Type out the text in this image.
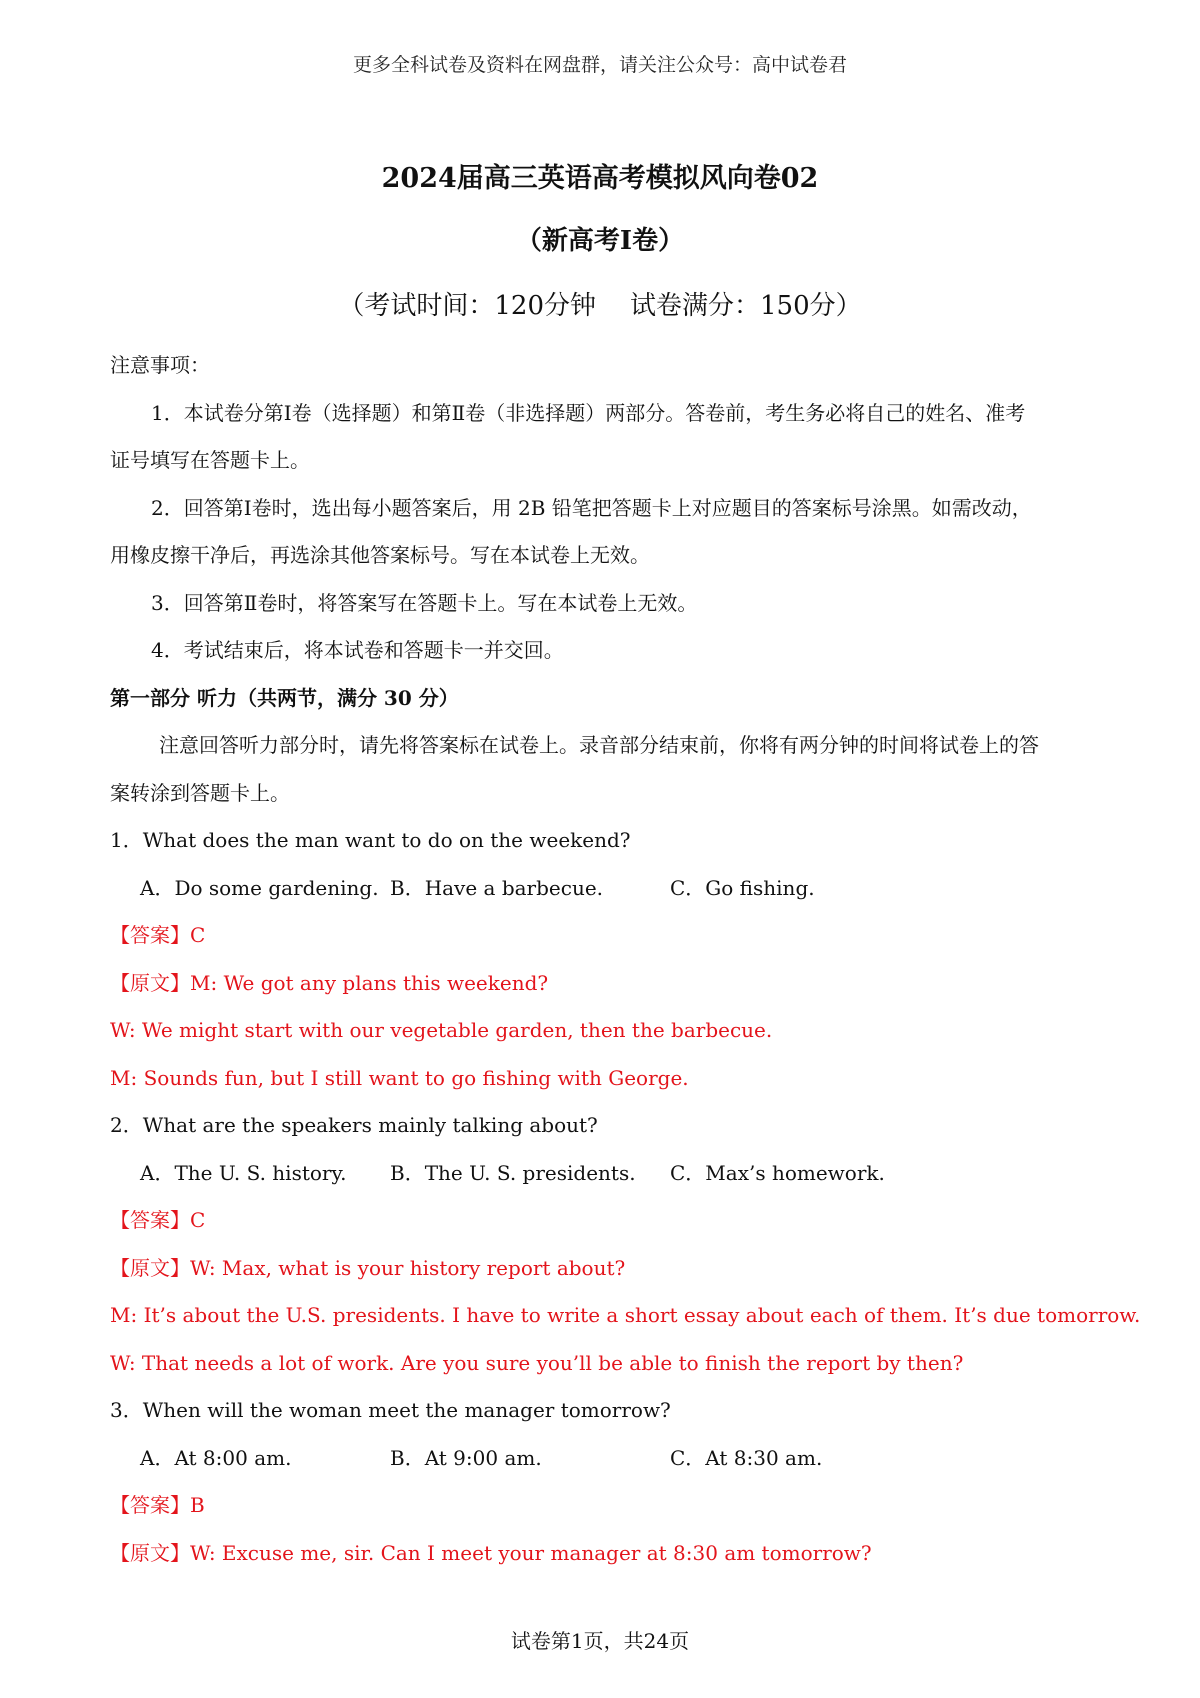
更多全科试卷及资料在网盘群，请关注公众号：高中试卷君
2024届高三英语高考模拟风向卷02
（新高考I卷）
（考试时间：120分钟 试卷满分：150分）
注意事项：
1．本试卷分第Ⅰ卷（选择题）和第Ⅱ卷（非选择题）两部分。答卷前，考生务必将自己的姓名、准考
证号填写在答题卡上。
2．回答第Ⅰ卷时，选出每小题答案后，用 2B 铅笔把答题卡上对应题目的答案标号涂黑。如需改动，
用橡皮擦干净后，再选涂其他答案标号。写在本试卷上无效。
3．回答第Ⅱ卷时，将答案写在答题卡上。写在本试卷上无效。
4．考试结束后，将本试卷和答题卡一并交回。
第一部分 听力（共两节，满分 30 分）
注意回答听力部分时，请先将答案标在试卷上。录音部分结束前，你将有两分钟的时间将试卷上的答
案转涂到答题卡上。
1．What does the man want to do on the weekend?
A．Do some gardening. B．Have a barbecue.	C．Go fishing.
【答案】C
【原文】M: We got any plans this weekend?
W: We might start with our vegetable garden, then the barbecue.
M: Sounds fun, but I still want to go fishing with George.
2．What are the speakers mainly talking about?
A．The U. S. history.	B．The U. S. presidents.	C．Max’s homework.
【答案】C
【原文】W: Max, what is your history report about?
M: It’s about the U.S. presidents. I have to write a short essay about each of them. It’s due tomorrow.
W: That needs a lot of work. Are you sure you’ll be able to finish the report by then?
3．When will the woman meet the manager tomorrow?
A．At 8:00 am.	B．At 9:00 am.	C．At 8:30 am.
【答案】B
【原文】W: Excuse me, sir. Can I meet your manager at 8:30 am tomorrow?
试卷第1页，共24页
